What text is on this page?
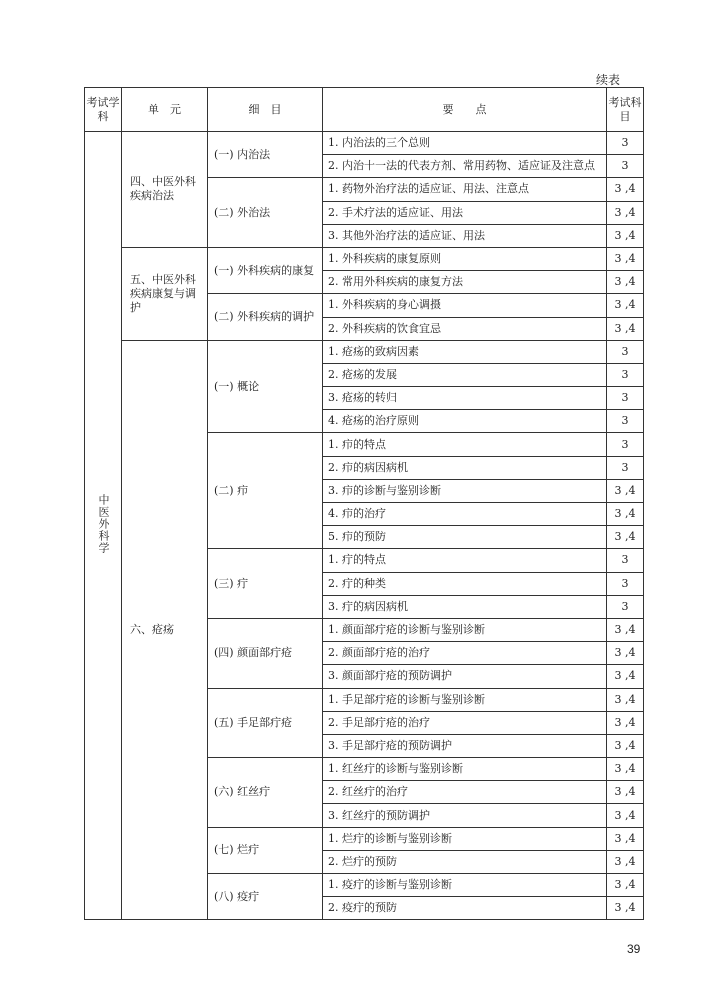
续表
考试学科	单　元	细　目	要　　点	考试科目
中医外科学	四、中医外科疾病治法	(一) 内治法	1. 内治法的三个总则	3
			2. 内治十一法的代表方剂、常用药物、适应证及注意点	3
		(二) 外治法	1. 药物外治疗法的适应证、用法、注意点	3 ,4
			2. 手术疗法的适应证、用法	3 ,4
			3. 其他外治疗法的适应证、用法	3 ,4
	五、中医外科疾病康复与调护	(一) 外科疾病的康复	1. 外科疾病的康复原则	3 ,4
			2. 常用外科疾病的康复方法	3 ,4
		(二) 外科疾病的调护	1. 外科疾病的身心调摄	3 ,4
			2. 外科疾病的饮食宜忌	3 ,4
	六、疮疡	(一) 概论	1. 疮疡的致病因素	3
			2. 疮疡的发展	3
			3. 疮疡的转归	3
			4. 疮疡的治疗原则	3
		(二) 疖	1. 疖的特点	3
			2. 疖的病因病机	3
			3. 疖的诊断与鉴别诊断	3 ,4
			4. 疖的治疗	3 ,4
			5. 疖的预防	3 ,4
		(三) 疔	1. 疔的特点	3
			2. 疔的种类	3
			3. 疔的病因病机	3
		(四) 颜面部疔疮	1. 颜面部疔疮的诊断与鉴别诊断	3 ,4
			2. 颜面部疔疮的治疗	3 ,4
			3. 颜面部疔疮的预防调护	3 ,4
		(五) 手足部疔疮	1. 手足部疔疮的诊断与鉴别诊断	3 ,4
			2. 手足部疔疮的治疗	3 ,4
			3. 手足部疔疮的预防调护	3 ,4
		(六) 红丝疔	1. 红丝疔的诊断与鉴别诊断	3 ,4
			2. 红丝疔的治疗	3 ,4
			3. 红丝疔的预防调护	3 ,4
		(七) 烂疔	1. 烂疔的诊断与鉴别诊断	3 ,4
			2. 烂疔的预防	3 ,4
		(八) 疫疔	1. 疫疔的诊断与鉴别诊断	3 ,4
			2. 疫疔的预防	3 ,4
39
